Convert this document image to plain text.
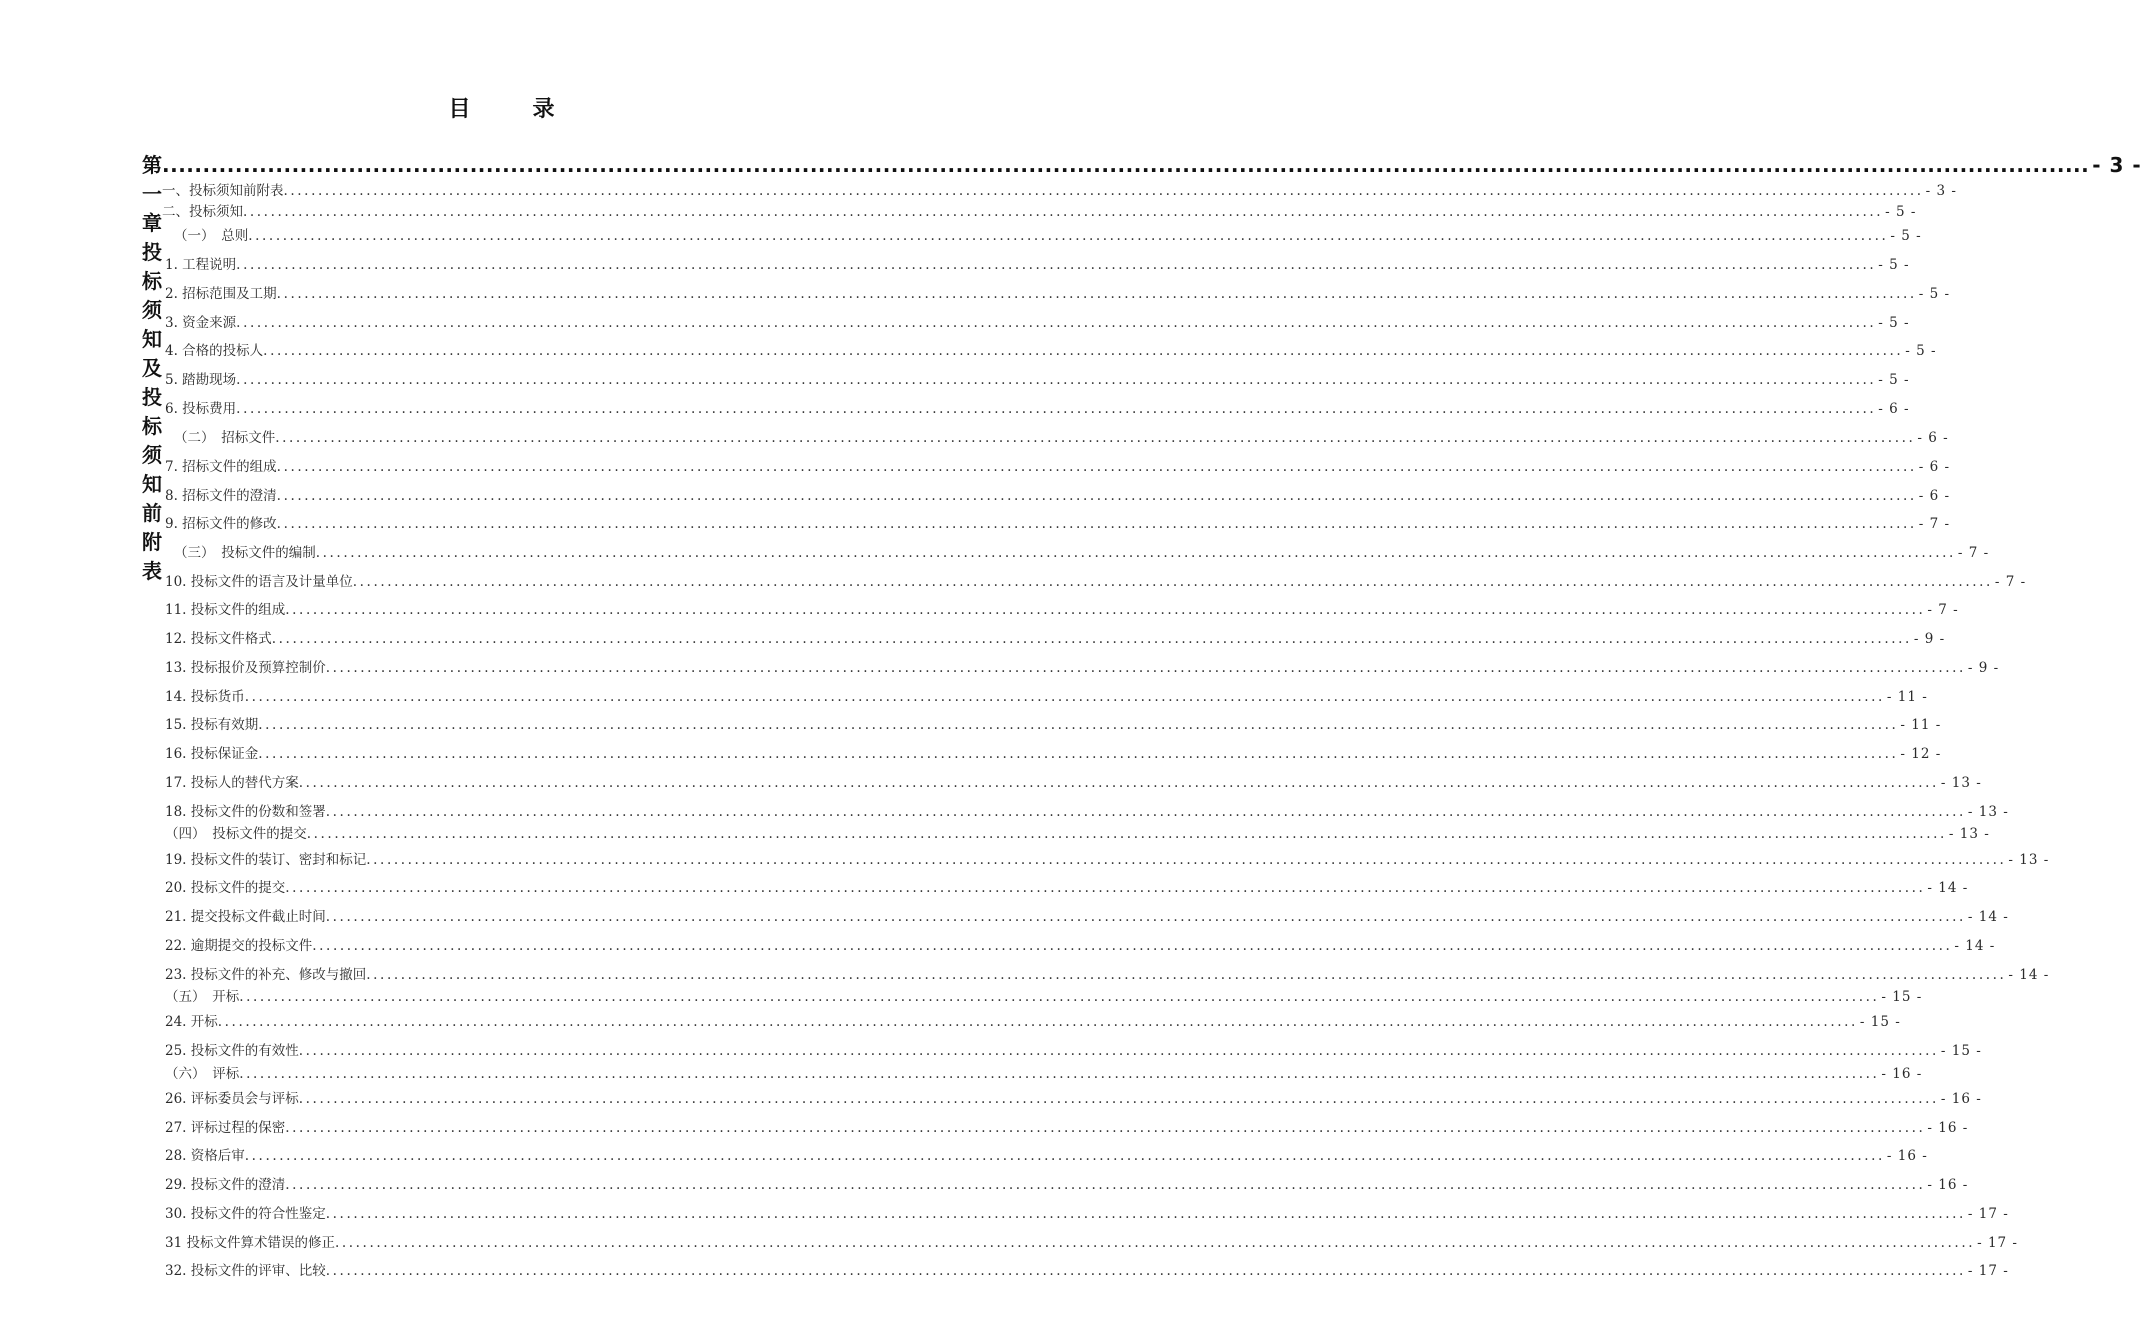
目	录
第一章 投标须知及投标须知前附表
.............................................................................................................................................................................................................................................. - 3 -
一、投标须知前附表 .............................................................................................................................................................................................................................................. - 3 -
二、投标须知 .............................................................................................................................................................................................................................................. - 5 -
（一）　总则 .............................................................................................................................................................................................................................................. - 5 -
1. 工程说明 .............................................................................................................................................................................................................................................. - 5 -
2. 招标范围及工期 .............................................................................................................................................................................................................................................. - 5 -
3. 资金来源 .............................................................................................................................................................................................................................................. - 5 -
4. 合格的投标人 .............................................................................................................................................................................................................................................. - 5 -
5. 踏勘现场 .............................................................................................................................................................................................................................................. - 5 -
6. 投标费用 .............................................................................................................................................................................................................................................. - 6 -
（二）　招标文件 .............................................................................................................................................................................................................................................. - 6 -
7. 招标文件的组成 .............................................................................................................................................................................................................................................. - 6 -
8. 招标文件的澄清 .............................................................................................................................................................................................................................................. - 6 -
9. 招标文件的修改 .............................................................................................................................................................................................................................................. - 7 -
（三）　投标文件的编制 .............................................................................................................................................................................................................................................. - 7 -
10. 投标文件的语言及计量单位 .............................................................................................................................................................................................................................................. - 7 -
11. 投标文件的组成 .............................................................................................................................................................................................................................................. - 7 -
12. 投标文件格式 .............................................................................................................................................................................................................................................. - 9 -
13. 投标报价及预算控制价 .............................................................................................................................................................................................................................................. - 9 -
14. 投标货币 .............................................................................................................................................................................................................................................. - 11 -
15. 投标有效期 .............................................................................................................................................................................................................................................. - 11 -
16. 投标保证金 .............................................................................................................................................................................................................................................. - 12 -
17. 投标人的替代方案 .............................................................................................................................................................................................................................................. - 13 -
18. 投标文件的份数和签署 .............................................................................................................................................................................................................................................. - 13 -
（四）　投标文件的提交 .............................................................................................................................................................................................................................................. - 13 -
19. 投标文件的装订、密封和标记 .............................................................................................................................................................................................................................................. - 13 -
20. 投标文件的提交 .............................................................................................................................................................................................................................................. - 14 -
21. 提交投标文件截止时间 .............................................................................................................................................................................................................................................. - 14 -
22. 逾期提交的投标文件 .............................................................................................................................................................................................................................................. - 14 -
23. 投标文件的补充、修改与撤回 .............................................................................................................................................................................................................................................. - 14 -
（五）　开标 .............................................................................................................................................................................................................................................. - 15 -
24. 开标 .............................................................................................................................................................................................................................................. - 15 -
25. 投标文件的有效性 .............................................................................................................................................................................................................................................. - 15 -
（六）　评标 .............................................................................................................................................................................................................................................. - 16 -
26. 评标委员会与评标 .............................................................................................................................................................................................................................................. - 16 -
27. 评标过程的保密 .............................................................................................................................................................................................................................................. - 16 -
28. 资格后审 .............................................................................................................................................................................................................................................. - 16 -
29. 投标文件的澄清 .............................................................................................................................................................................................................................................. - 16 -
30. 投标文件的符合性鉴定 .............................................................................................................................................................................................................................................. - 17 -
31 投标文件算术错误的修正 .............................................................................................................................................................................................................................................. - 17 -
32. 投标文件的评审、比较 .............................................................................................................................................................................................................................................. - 17 -
